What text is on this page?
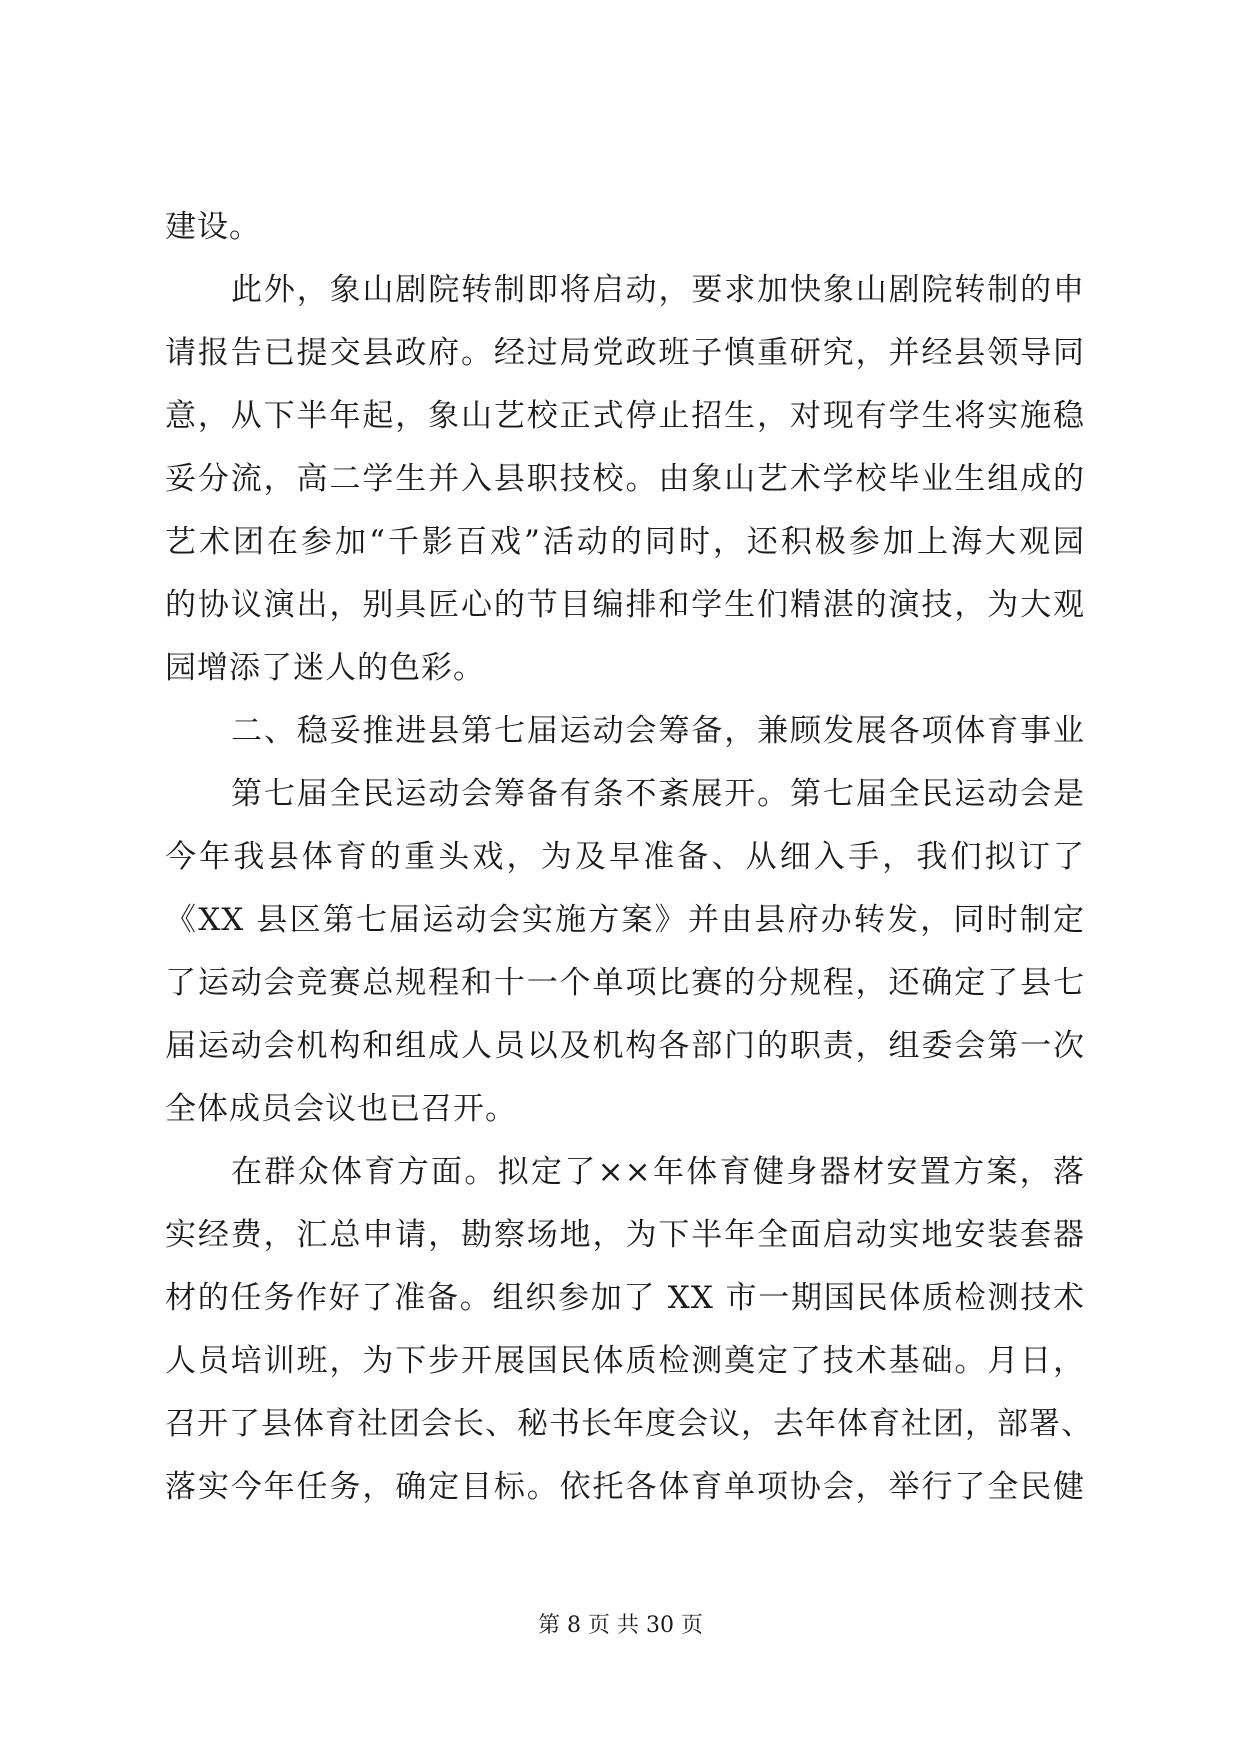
建设。
此外，象山剧院转制即将启动，要求加快象山剧院转制的申
请报告已提交县政府。经过局党政班子慎重研究，并经县领导同
意，从下半年起，象山艺校正式停止招生，对现有学生将实施稳
妥分流，高二学生并入县职技校。由象山艺术学校毕业生组成的
艺术团在参加“千影百戏”活动的同时，还积极参加上海大观园
的协议演出，别具匠心的节目编排和学生们精湛的演技，为大观
园增添了迷人的色彩。
二、稳妥推进县第七届运动会筹备，兼顾发展各项体育事业
第七届全民运动会筹备有条不紊展开。第七届全民运动会是
今年我县体育的重头戏，为及早准备、从细入手，我们拟订了
《XX 县区第七届运动会实施方案》并由县府办转发，同时制定
了运动会竞赛总规程和十一个单项比赛的分规程，还确定了县七
届运动会机构和组成人员以及机构各部门的职责，组委会第一次
全体成员会议也已召开。
在群众体育方面。拟定了××年体育健身器材安置方案，落
实经费，汇总申请，勘察场地，为下半年全面启动实地安装套器
材的任务作好了准备。组织参加了 XX 市一期国民体质检测技术
人员培训班，为下步开展国民体质检测奠定了技术基础。月日，
召开了县体育社团会长、秘书长年度会议，去年体育社团，部署、
落实今年任务，确定目标。依托各体育单项协会，举行了全民健
第 8 页 共 30 页
